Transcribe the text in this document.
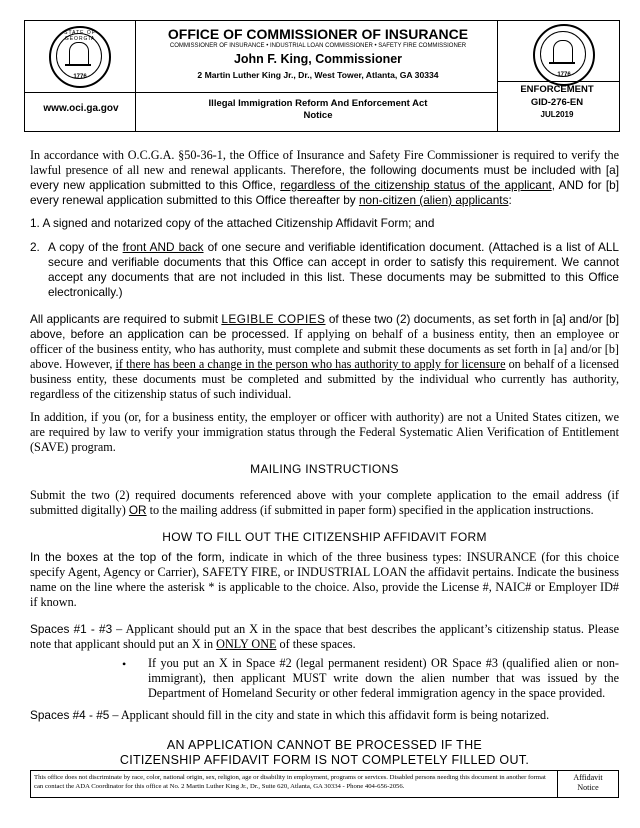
STATE OF GEORGIA
1776	1776
OFFICE OF COMMISSIONER OF INSURANCE
COMMISSIONER OF INSURANCE • INDUSTRIAL LOAN COMMISSIONER • SAFETY FIRE COMMISSIONER
John F. King, Commissioner
2 Martin Luther King Jr., Dr., West Tower, Atlanta, GA 30334
Illegal Immigration Reform And Enforcement Act
Notice
www.oci.ga.gov
ENFORCEMENT
GID-276-EN
JUL2019
In accordance with O.C.G.A. §50-36-1, the Office of Insurance and Safety Fire Commissioner is required to verify the lawful presence of all new and renewal applicants. Therefore, the following documents must be included with [a] every new application submitted to this Office, regardless of the citizenship status of the applicant, AND for [b] every renewal application submitted to this Office thereafter by non-citizen (alien) applicants:
1. A signed and notarized copy of the attached Citizenship Affidavit Form; and
2. A copy of the front AND back of one secure and verifiable identification document. (Attached is a list of ALL secure and verifiable documents that this Office can accept in order to satisfy this requirement. We cannot accept any documents that are not included in this list. These documents may be submitted to this Office electronically.)
All applicants are required to submit LEGIBLE COPIES of these two (2) documents, as set forth in [a] and/or [b] above, before an application can be processed. If applying on behalf of a business entity, then an employee or officer of the business entity, who has authority, must complete and submit these documents as set forth in [a] and/or [b] above. However, if there has been a change in the person who has authority to apply for licensure on behalf of a licensed business entity, these documents must be completed and submitted by the individual who currently has authority, regardless of the citizenship status of such individual.
In addition, if you (or, for a business entity, the employer or officer with authority) are not a United States citizen, we are required by law to verify your immigration status through the Federal Systematic Alien Verification of Entitlement (SAVE) program.
MAILING INSTRUCTIONS
Submit the two (2) required documents referenced above with your complete application to the email address (if submitted digitally) OR to the mailing address (if submitted in paper form) specified in the application instructions.
HOW TO FILL OUT THE CITIZENSHIP AFFIDAVIT FORM
In the boxes at the top of the form, indicate in which of the three business types: INSURANCE (for this choice specify Agent, Agency or Carrier), SAFETY FIRE, or INDUSTRIAL LOAN the affidavit pertains. Indicate the business name on the line where the asterisk * is applicable to the choice. Also, provide the License #, NAIC# or Employer ID# if known.
Spaces #1 - #3 – Applicant should put an X in the space that best describes the applicant’s citizenship status. Please note that applicant should put an X in ONLY ONE of these spaces.
• If you put an X in Space #2 (legal permanent resident) OR Space #3 (qualified alien or non-immigrant), then applicant MUST write down the alien number that was issued by the Department of Homeland Security or other federal immigration agency in the space provided.
Spaces #4 - #5 – Applicant should fill in the city and state in which this affidavit form is being notarized.
AN APPLICATION CANNOT BE PROCESSED IF THE
CITIZENSHIP AFFIDAVIT FORM IS NOT COMPLETELY FILLED OUT.
This office does not discriminate by race, color, national origin, sex, religion, age or disability in employment, programs or services. Disabled persons needing this document in another format can contact the ADA Coordinator for this office at No. 2 Martin Luther King Jr., Dr., Suite 620, Atlanta, GA 30334 - Phone 404-656-2056.
Affidavit
Notice
